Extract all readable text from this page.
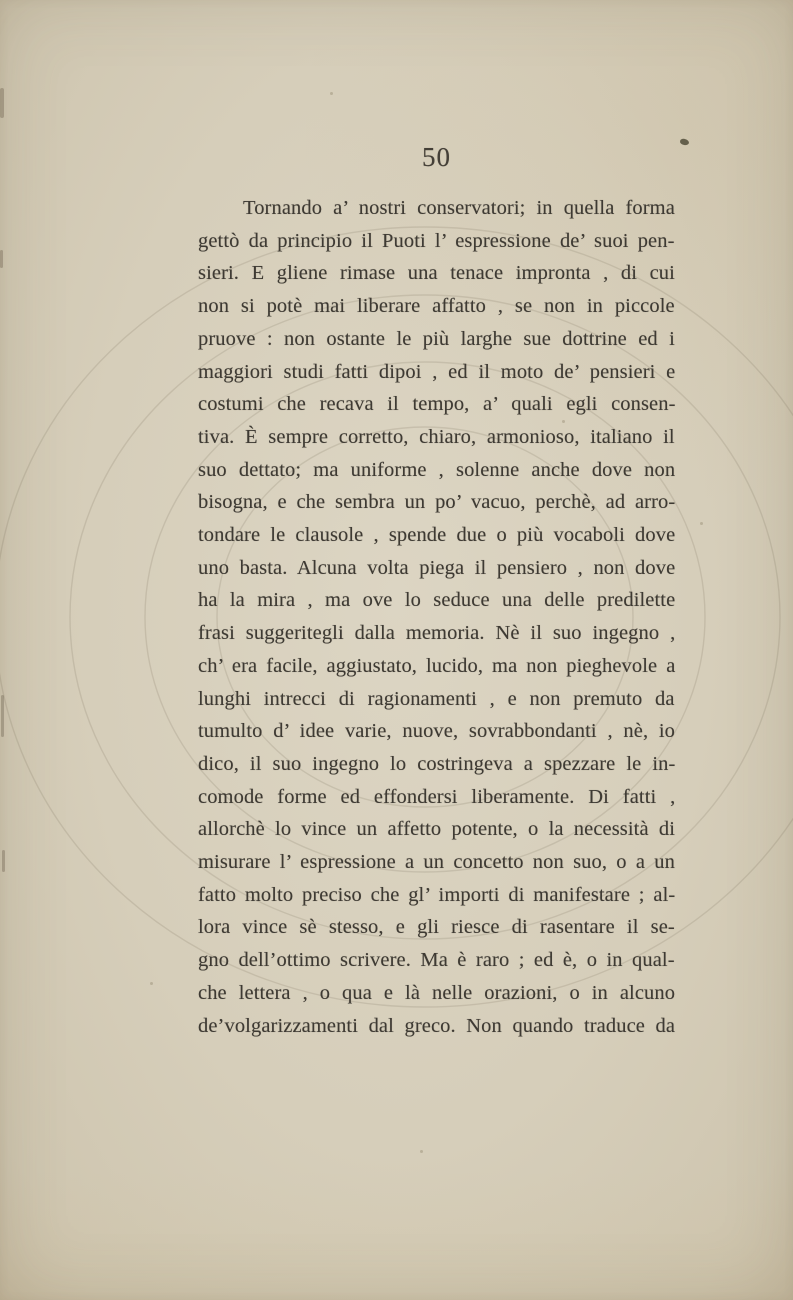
50
Tornando a’ nostri conservatori; in quella forma
gettò da principio il Puoti l’ espressione de’ suoi pen-
sieri. E gliene rimase una tenace impronta , di cui
non si potè mai liberare affatto , se non in piccole
pruove : non ostante le più larghe sue dottrine ed i
maggiori studi fatti dipoi , ed il moto de’ pensieri e
costumi che recava il tempo, a’ quali egli consen-
tiva. È sempre corretto, chiaro, armonioso, italiano il
suo dettato; ma uniforme , solenne anche dove non
bisogna, e che sembra un po’ vacuo, perchè, ad arro-
tondare le clausole , spende due o più vocaboli dove
uno basta. Alcuna volta piega il pensiero , non dove
ha la mira , ma ove lo seduce una delle predilette
frasi suggeritegli dalla memoria. Nè il suo ingegno ,
ch’ era facile, aggiustato, lucido, ma non pieghevole a
lunghi intrecci di ragionamenti , e non premuto da
tumulto d’ idee varie, nuove, sovrabbondanti , nè, io
dico, il suo ingegno lo costringeva a spezzare le in-
comode forme ed effondersi liberamente. Di fatti ,
allorchè lo vince un affetto potente, o la necessità di
misurare l’ espressione a un concetto non suo, o a un
fatto molto preciso che gl’ importi di manifestare ; al-
lora vince sè stesso, e gli riesce di rasentare il se-
gno dell’ottimo scrivere. Ma è raro ; ed è, o in qual-
che lettera , o qua e là nelle orazioni, o in alcuno
de’volgarizzamenti dal greco. Non quando traduce da
